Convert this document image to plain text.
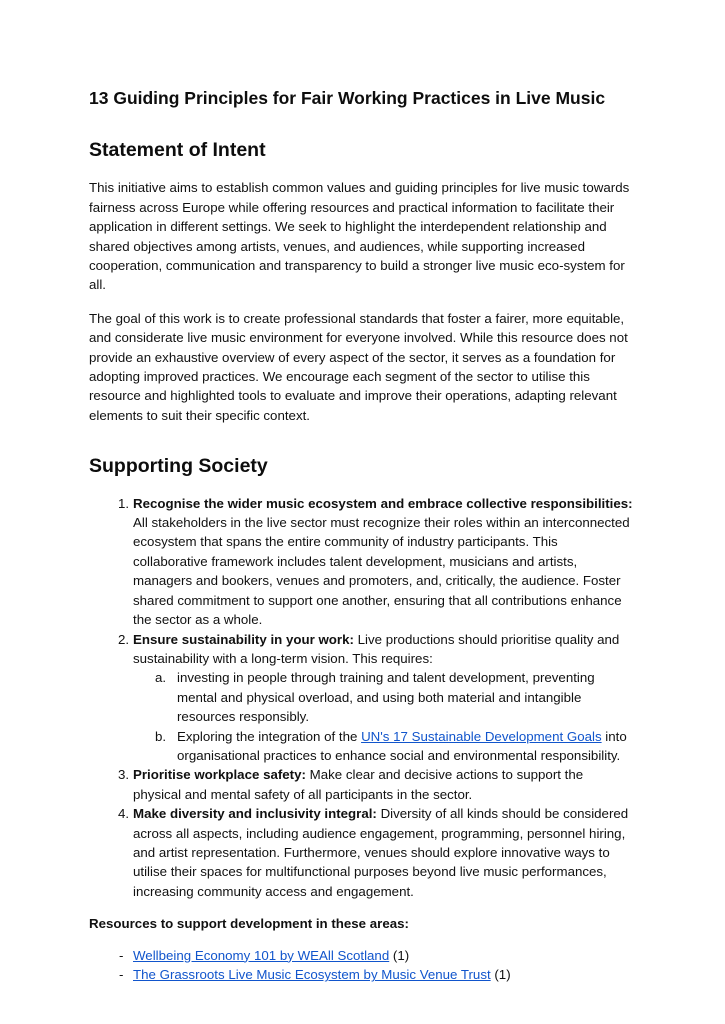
13 Guiding Principles for Fair Working Practices in Live Music
Statement of Intent

This initiative aims to establish common values and guiding principles for live music towards fairness across Europe while offering resources and practical information to facilitate their application in different settings. We seek to highlight the interdependent relationship and shared objectives among artists, venues, and audiences, while supporting increased cooperation, communication and transparency to build a stronger live music eco-system for all.

The goal of this work is to create professional standards that foster a fairer, more equitable, and considerate live music environment for everyone involved. While this resource does not provide an exhaustive overview of every aspect of the sector, it serves as a foundation for adopting improved practices. We encourage each segment of the sector to utilise this resource and highlighted tools to evaluate and improve their operations, adapting relevant elements to suit their specific context.

Supporting Society
Recognise the wider music ecosystem and embrace collective responsibilities: All stakeholders in the live sector must recognize their roles within an interconnected ecosystem that spans the entire community of industry participants. This collaborative framework includes talent development, musicians and artists, managers and bookers, venues and promoters, and, critically, the audience. Foster shared commitment to support one another, ensuring that all contributions enhance the sector as a whole.
Ensure sustainability in your work: Live productions should prioritise quality and sustainability with a long-term vision. This requires:
investing in people through training and talent development, preventing mental and physical overload, and using both material and intangible resources responsibly.
Exploring the integration of the UN's 17 Sustainable Development Goals into organisational practices to enhance social and environmental responsibility.
Prioritise workplace safety: Make clear and decisive actions to support the physical and mental safety of all participants in the sector.
Make diversity and inclusivity integral: Diversity of all kinds should be considered across all aspects, including audience engagement, programming, personnel hiring, and artist representation. Furthermore, venues should explore innovative ways to utilise their spaces for multifunctional purposes beyond live music performances, increasing community access and engagement.

Resources to support development in these areas:

- Wellbeing Economy 101 by WEAll Scotland (1)
- The Grassroots Live Music Ecosystem by Music Venue Trust (1)
